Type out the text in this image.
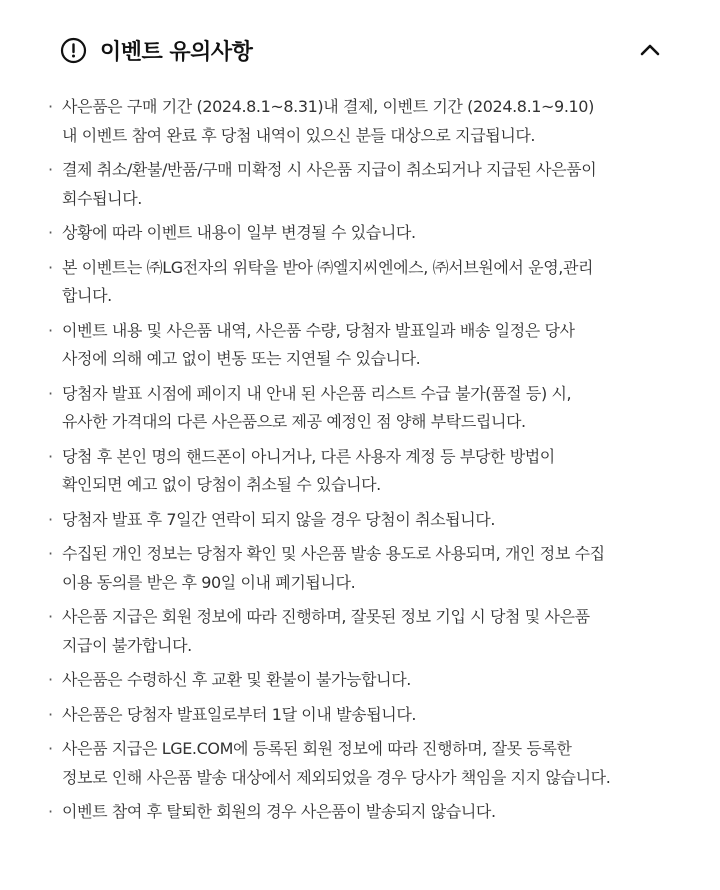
이벤트 유의사항
· 사은품은 구매 기간 (2024.8.1~8.31)내 결제, 이벤트 기간 (2024.8.1~9.10)
내 이벤트 참여 완료 후 당첨 내역이 있으신 분들 대상으로 지급됩니다.
· 결제 취소/환불/반품/구매 미확정 시 사은품 지급이 취소되거나 지급된 사은품이
회수됩니다.
· 상황에 따라 이벤트 내용이 일부 변경될 수 있습니다.
· 본 이벤트는 ㈜LG전자의 위탁을 받아 ㈜엘지씨엔에스, ㈜서브원에서 운영,관리
합니다.
· 이벤트 내용 및 사은품 내역, 사은품 수량, 당첨자 발표일과 배송 일정은 당사
사정에 의해 예고 없이 변동 또는 지연될 수 있습니다.
· 당첨자 발표 시점에 페이지 내 안내 된 사은품 리스트 수급 불가(품절 등) 시,
유사한 가격대의 다른 사은품으로 제공 예정인 점 양해 부탁드립니다.
· 당첨 후 본인 명의 핸드폰이 아니거나, 다른 사용자 계정 등 부당한 방법이
확인되면 예고 없이 당첨이 취소될 수 있습니다.
· 당첨자 발표 후 7일간 연락이 되지 않을 경우 당첨이 취소됩니다.
· 수집된 개인 정보는 당첨자 확인 및 사은품 발송 용도로 사용되며, 개인 정보 수집
이용 동의를 받은 후 90일 이내 폐기됩니다.
· 사은품 지급은 회원 정보에 따라 진행하며, 잘못된 정보 기입 시 당첨 및 사은품
지급이 불가합니다.
· 사은품은 수령하신 후 교환 및 환불이 불가능합니다.
· 사은품은 당첨자 발표일로부터 1달 이내 발송됩니다.
· 사은품 지급은 LGE.COM에 등록된 회원 정보에 따라 진행하며, 잘못 등록한
정보로 인해 사은품 발송 대상에서 제외되었을 경우 당사가 책임을 지지 않습니다.
· 이벤트 참여 후 탈퇴한 회원의 경우 사은품이 발송되지 않습니다.
